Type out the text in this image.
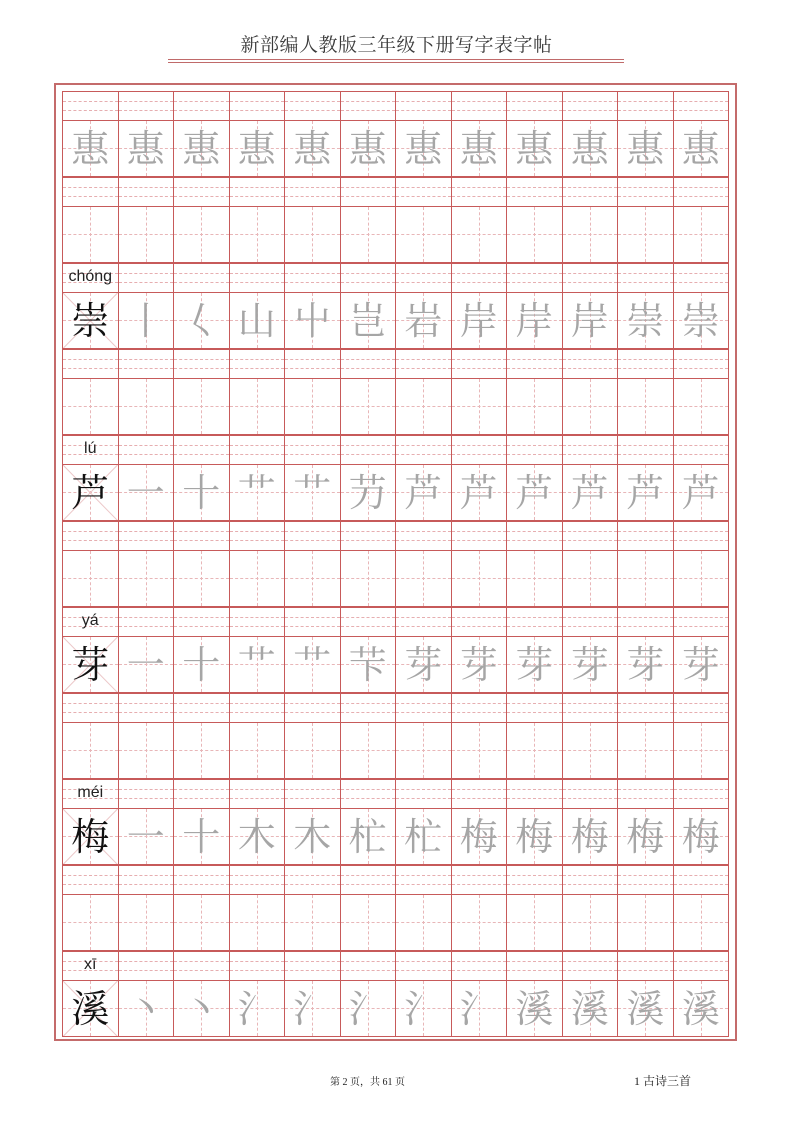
新部编人教版三年级下册写字表字帖
惠 惠 惠 惠 惠 惠 惠 惠 惠 惠 惠 惠
chóng
崇 丨 𡿨 山 屮 岂 岩 岸 岸 岸 崇 崇
lú
芦 一 十 艹 艹 芀 芦 芦 芦 芦 芦 芦
yá
芽 一 十 艹 艹 芐 芽 芽 芽 芽 芽 芽
méi
梅 一 十 木 木 杧 杧 梅 梅 梅 梅 梅
xī
溪 丶 丶 氵 氵 氵 氵 氵 溪 溪 溪 溪
第 2 页，共 61 页	1 古诗三首
